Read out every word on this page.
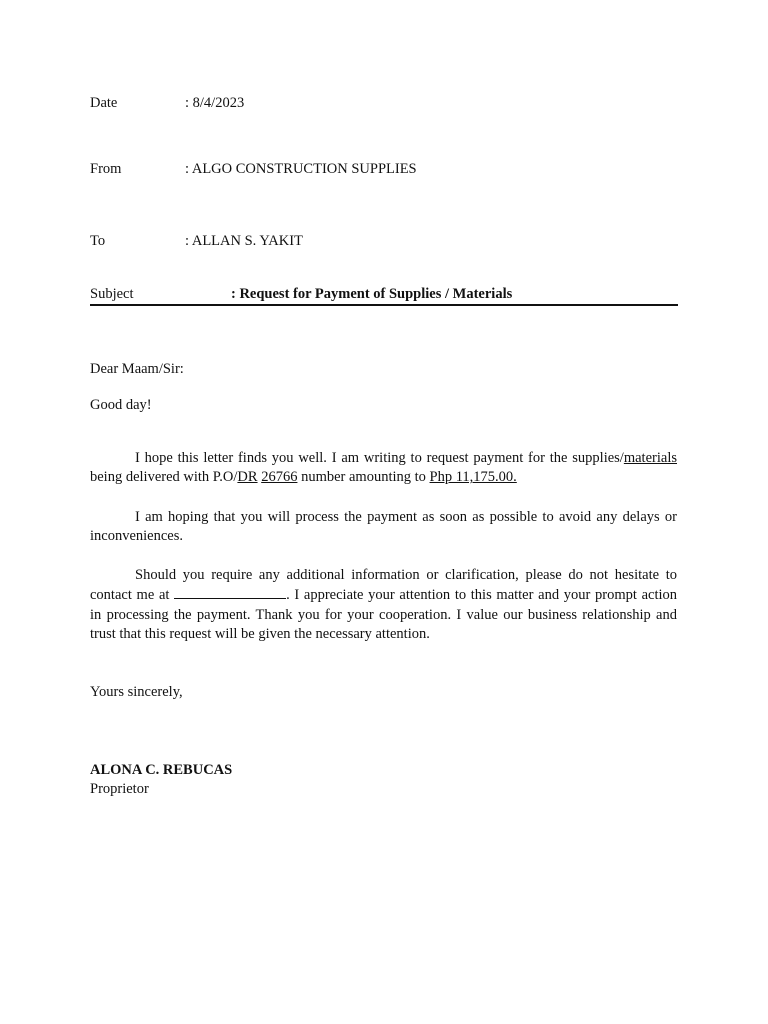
Date	: 8/4/2023
From	: ALGO CONSTRUCTION SUPPLIES
To	: ALLAN S. YAKIT
Subject	: Request for Payment of Supplies / Materials
Dear Maam/Sir:
Good day!
I hope this letter finds you well. I am writing to request payment for the supplies/materials being delivered with P.O/DR 26766 number amounting to Php 11,175.00.
I am hoping that you will process the payment as soon as possible to avoid any delays or inconveniences.
Should you require any additional information or clarification, please do not hesitate to contact me at	. I appreciate your attention to this matter and your prompt action in processing the payment. Thank you for your cooperation. I value our business relationship and trust that this request will be given the necessary attention.
Yours sincerely,
ALONA C. REBUCAS
Proprietor
